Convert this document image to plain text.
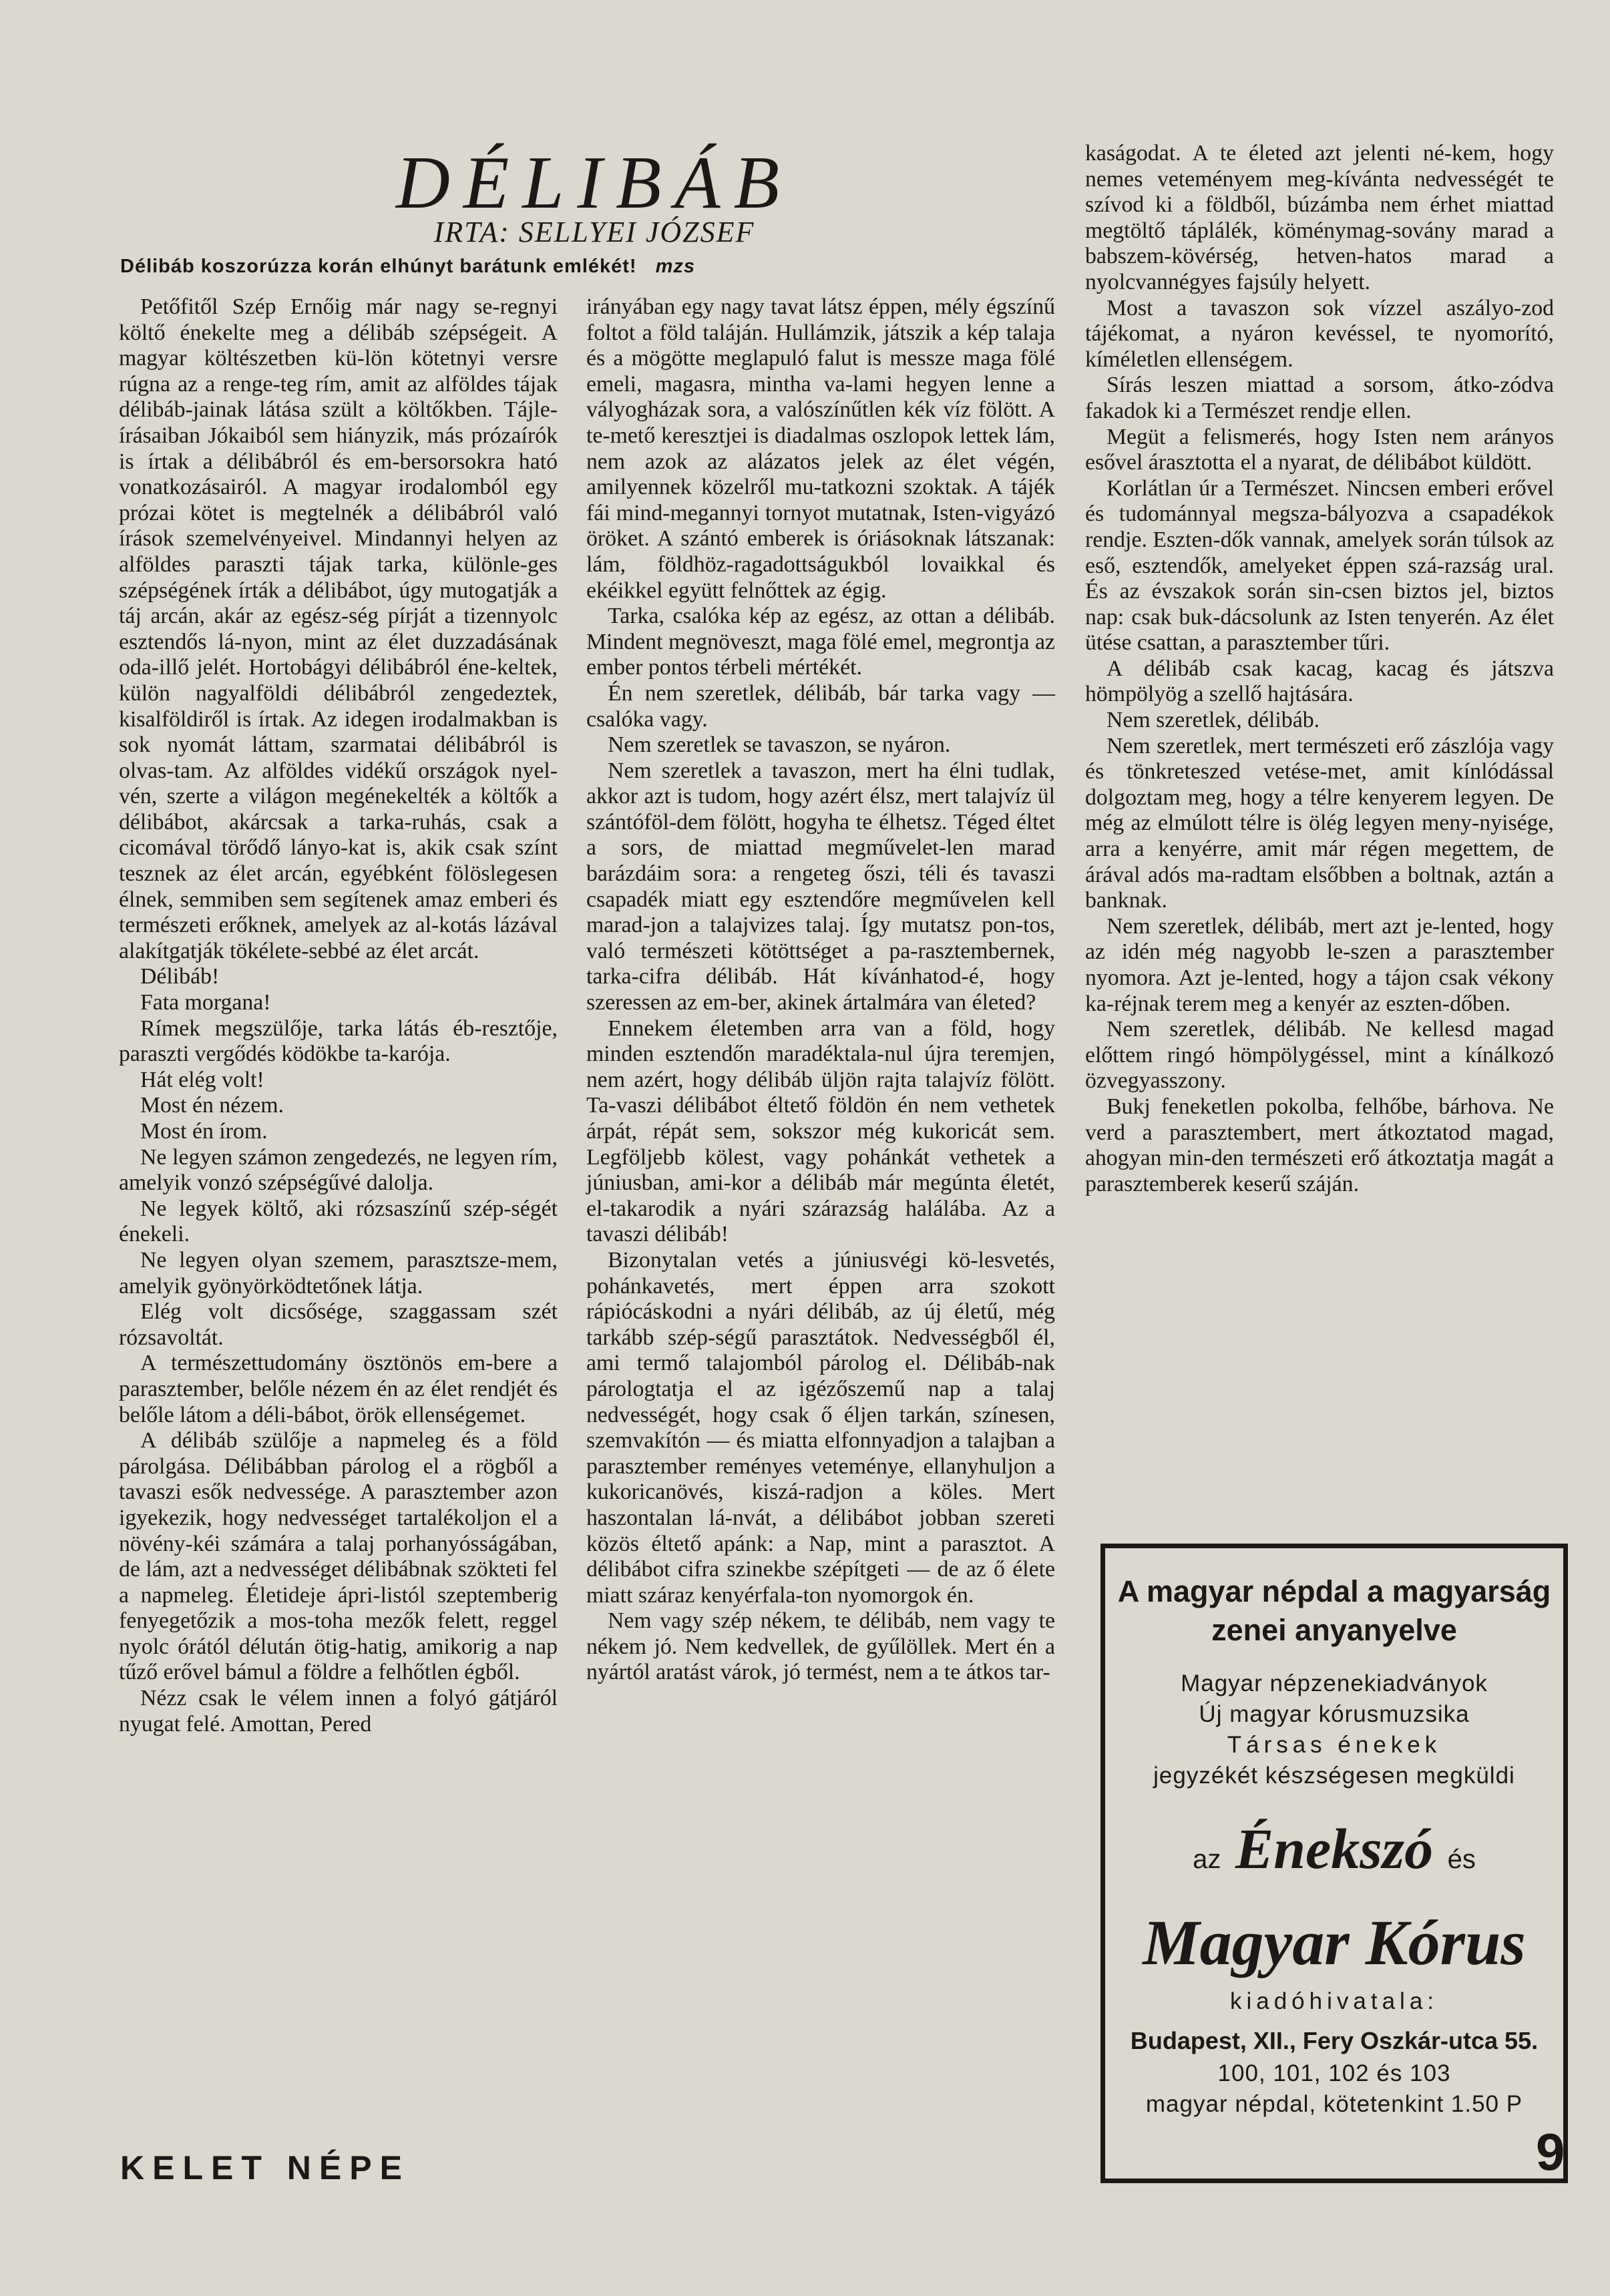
DÉLIBÁB
IRTA: SELLYEI JÓZSEF
Délibáb koszorúzza korán elhúnyt barátunk emlékét! mzs

Petőfitől Szép Ernőig már nagy se-regnyi költő énekelte meg a délibáb szépségeit. A magyar költészetben kü-lön kötetnyi versre rúgna az a renge-teg rím, amit az alföldes tájak délibáb-jainak látása szült a költőkben. Tájle-írásaiban Jókaiból sem hiányzik, más prózaírók is írtak a délibábról és em-bersorsokra ható vonatkozásairól. A magyar irodalomból egy prózai kötet is megtelnék a délibábról való írások szemelvényeivel. Mindannyi helyen az alföldes paraszti tájak tarka, különle-ges szépségének írták a délibábot, úgy mutogatják a táj arcán, akár az egész-ség pírját a tizennyolc esztendős lá-nyon, mint az élet duzzadásának oda-illő jelét. Hortobágyi délibábról éne-keltek, külön nagyalföldi délibábról zengedeztek, kisalföldiről is írtak. Az idegen irodalmakban is sok nyomát láttam, szarmatai délibábról is olvas-tam. Az alföldes vidékű országok nyel-vén, szerte a világon megénekelték a költők a délibábot, akárcsak a tarka-ruhás, csak a cicomával törődő lányo-kat is, akik csak színt tesznek az élet arcán, egyébként fölöslegesen élnek, semmiben sem segítenek amaz emberi és természeti erőknek, amelyek az al-kotás lázával alakítgatják tökélete-sebbé az élet arcát.

Délibáb!

Fata morgana!

Rímek megszülője, tarka látás éb-resztője, paraszti vergődés ködökbe ta-karója.

Hát elég volt!

Most én nézem.

Most én írom.

Ne legyen számon zengedezés, ne legyen rím, amelyik vonzó szépségűvé dalolja.

Ne legyek költő, aki rózsaszínű szép-ségét énekeli.

Ne legyen olyan szemem, parasztsze-mem, amelyik gyönyörködtetőnek látja.

Elég volt dicsősége, szaggassam szét rózsavoltát.

A természettudomány ösztönös em-bere a parasztember, belőle nézem én az élet rendjét és belőle látom a déli-bábot, örök ellenségemet.

A délibáb szülője a napmeleg és a föld párolgása. Délibábban párolog el a rögből a tavaszi esők nedvessége. A parasztember azon igyekezik, hogy nedvességet tartalékoljon el a növény-kéi számára a talaj porhanyósságában, de lám, azt a nedvességet délibábnak szökteti fel a napmeleg. Életideje ápri-listól szeptemberig fenyegetőzik a mos-toha mezők felett, reggel nyolc órától délután ötig-hatig, amikorig a nap tűző erővel bámul a földre a felhőtlen égből.

Nézz csak le vélem innen a folyó gátjáról nyugat felé. Amottan, Pered

irányában egy nagy tavat látsz éppen, mély égszínű foltot a föld taláján. Hullámzik, játszik a kép talaja és a mögötte meglapuló falut is messze maga fölé emeli, magasra, mintha va-lami hegyen lenne a vályogházak sora, a valószínűtlen kék víz fölött. A te-mető keresztjei is diadalmas oszlopok lettek lám, nem azok az alázatos jelek az élet végén, amilyennek közelről mu-tatkozni szoktak. A tájék fái mind-megannyi tornyot mutatnak, Isten-vigyázó öröket. A szántó emberek is óriásoknak látszanak: lám, földhöz-ragadottságukból lovaikkal és ekéikkel együtt felnőttek az égig.

Tarka, csalóka kép az egész, az ottan a délibáb. Mindent megnöveszt, maga fölé emel, megrontja az ember pontos térbeli mértékét.

Én nem szeretlek, délibáb, bár tarka vagy — csalóka vagy.

Nem szeretlek se tavaszon, se nyáron.

Nem szeretlek a tavaszon, mert ha élni tudlak, akkor azt is tudom, hogy azért élsz, mert talajvíz ül szántóföl-dem fölött, hogyha te élhetsz. Téged éltet a sors, de miattad megművelet-len marad barázdáim sora: a rengeteg őszi, téli és tavaszi csapadék miatt egy esztendőre megművelen kell marad-jon a talajvizes talaj. Így mutatsz pon-tos, való természeti kötöttséget a pa-rasztembernek, tarka-cifra délibáb. Hát kívánhatod-é, hogy szeressen az em-ber, akinek ártalmára van életed?

Ennekem életemben arra van a föld, hogy minden esztendőn maradéktala-nul újra teremjen, nem azért, hogy délibáb üljön rajta talajvíz fölött. Ta-vaszi délibábot éltető földön én nem vethetek árpát, répát sem, sokszor még kukoricát sem. Legföljebb kölest, vagy pohánkát vethetek a júniusban, ami-kor a délibáb már megúnta életét, el-takarodik a nyári szárazság halálába. Az a tavaszi délibáb!

Bizonytalan vetés a júniusvégi kö-lesvetés, pohánkavetés, mert éppen arra szokott rápiócáskodni a nyári délibáb, az új életű, még tarkább szép-ségű parasztátok. Nedvességből él, ami termő talajomból párolog el. Délibáb-nak párologtatja el az igézőszemű nap a talaj nedvességét, hogy csak ő éljen tarkán, színesen, szemvakítón — és miatta elfonnyadjon a talajban a parasztember reményes veteménye, ellanyhuljon a kukoricanövés, kiszá-radjon a köles. Mert haszontalan lá-nvát, a délibábot jobban szereti közös éltető apánk: a Nap, mint a parasztot. A délibábot cifra szinekbe szépítgeti — de az ő élete miatt száraz kenyérfala-ton nyomorgok én.

Nem vagy szép nékem, te délibáb, nem vagy te nékem jó. Nem kedvellek, de gyűlöllek. Mert én a nyártól aratást várok, jó termést, nem a te átkos tar-

kaságodat. A te életed azt jelenti né-kem, hogy nemes veteményem meg-kívánta nedvességét te szívod ki a földből, búzámba nem érhet miattad megtöltő táplálék, köménymag-sovány marad a babszem-kövérség, hetven-hatos marad a nyolcvannégyes fajsúly helyett.

Most a tavaszon sok vízzel aszályo-zod tájékomat, a nyáron kevéssel, te nyomorító, kíméletlen ellenségem.

Sírás leszen miattad a sorsom, átko-zódva fakadok ki a Természet rendje ellen.

Megüt a felismerés, hogy Isten nem arányos esővel árasztotta el a nyarat, de délibábot küldött.

Korlátlan úr a Természet. Nincsen emberi erővel és tudománnyal megsza-bályozva a csapadékok rendje. Eszten-dők vannak, amelyek során túlsok az eső, esztendők, amelyeket éppen szá-razság ural. És az évszakok során sin-csen biztos jel, biztos nap: csak buk-dácsolunk az Isten tenyerén. Az élet ütése csattan, a parasztember tűri.

A délibáb csak kacag, kacag és játszva hömpölyög a szellő hajtására.

Nem szeretlek, délibáb.

Nem szeretlek, mert természeti erő zászlója vagy és tönkreteszed vetése-met, amit kínlódással dolgoztam meg, hogy a télre kenyerem legyen. De még az elmúlott télre is ölég legyen meny-nyisége, arra a kenyérre, amit már régen megettem, de árával adós ma-radtam elsőbben a boltnak, aztán a banknak.

Nem szeretlek, délibáb, mert azt je-lented, hogy az idén még nagyobb le-szen a parasztember nyomora. Azt je-lented, hogy a tájon csak vékony ka-réjnak terem meg a kenyér az eszten-dőben.

Nem szeretlek, délibáb. Ne kellesd magad előttem ringó hömpölygéssel, mint a kínálkozó özvegyasszony.

Bukj feneketlen pokolba, felhőbe, bárhova. Ne verd a parasztembert, mert átkoztatod magad, ahogyan min-den természeti erő átkoztatja magát a parasztemberek keserű száján.

A magyar népdal a magyarság
zenei anyanyelve
Magyar népzenekiadványok
Új magyar kórusmuzsika
Társas énekek
jegyzékét készségesen megküldi
az Énekszó és
Magyar Kórus
kiadóhivatala:
Budapest, XII., Fery Oszkár-utca 55.
100, 101, 102 és 103
magyar népdal, kötetenkint 1.50 P
KELET NÉPE	9
